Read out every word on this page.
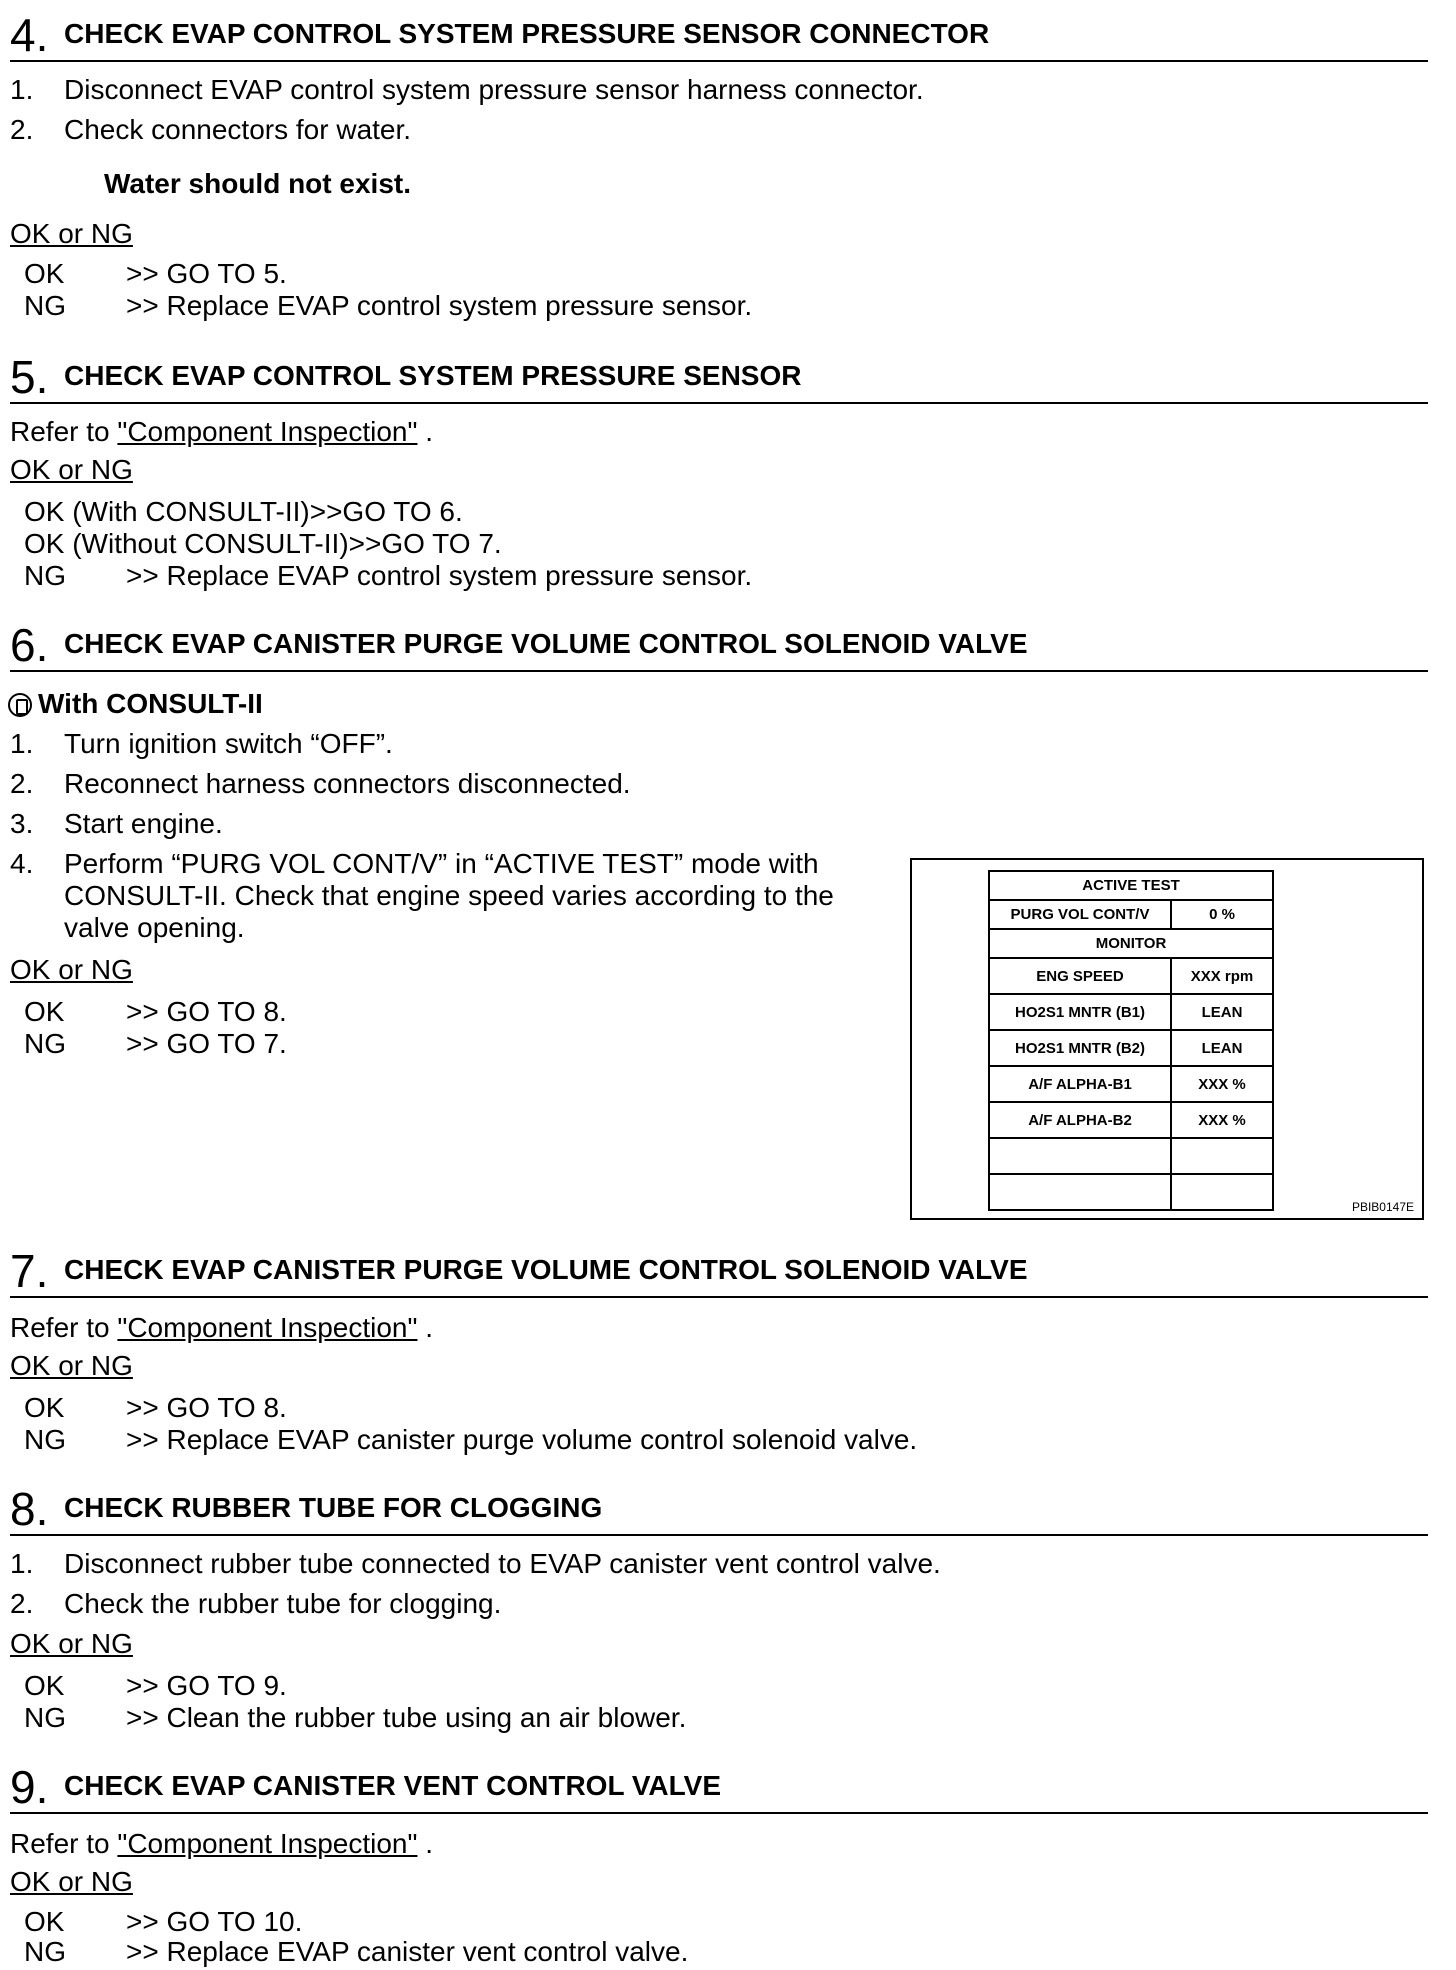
4. CHECK EVAP CONTROL SYSTEM PRESSURE SENSOR CONNECTOR
1. Disconnect EVAP control system pressure sensor harness connector.
2. Check connectors for water.
Water should not exist.
OK or NG
OK >> GO TO 5.
NG >> Replace EVAP control system pressure sensor.
5. CHECK EVAP CONTROL SYSTEM PRESSURE SENSOR
Refer to "Component Inspection" .
OK or NG
OK (With CONSULT-II)>>GO TO 6.
OK (Without CONSULT-II)>>GO TO 7.
NG >> Replace EVAP control system pressure sensor.
6. CHECK EVAP CANISTER PURGE VOLUME CONTROL SOLENOID VALVE
With CONSULT-II
1. Turn ignition switch “OFF”.
2. Reconnect harness connectors disconnected.
3. Start engine.
4. Perform “PURG VOL CONT/V” in “ACTIVE TEST” mode with
CONSULT-II. Check that engine speed varies according to the
valve opening.
OK or NG
OK >> GO TO 8.
NG >> GO TO 7.
ACTIVE TEST	
PURG VOL CONT/V	0 %
MONITOR	
ENG SPEED	XXX rpm
HO2S1 MNTR (B1)	LEAN
HO2S1 MNTR (B2)	LEAN
A/F ALPHA-B1	XXX %
A/F ALPHA-B2	XXX %

PBIB0147E
7. CHECK EVAP CANISTER PURGE VOLUME CONTROL SOLENOID VALVE
Refer to "Component Inspection" .
OK or NG
OK >> GO TO 8.
NG >> Replace EVAP canister purge volume control solenoid valve.
8. CHECK RUBBER TUBE FOR CLOGGING
1. Disconnect rubber tube connected to EVAP canister vent control valve.
2. Check the rubber tube for clogging.
OK or NG
OK >> GO TO 9.
NG >> Clean the rubber tube using an air blower.
9. CHECK EVAP CANISTER VENT CONTROL VALVE
Refer to "Component Inspection" .
OK or NG
OK >> GO TO 10.
NG >> Replace EVAP canister vent control valve.
